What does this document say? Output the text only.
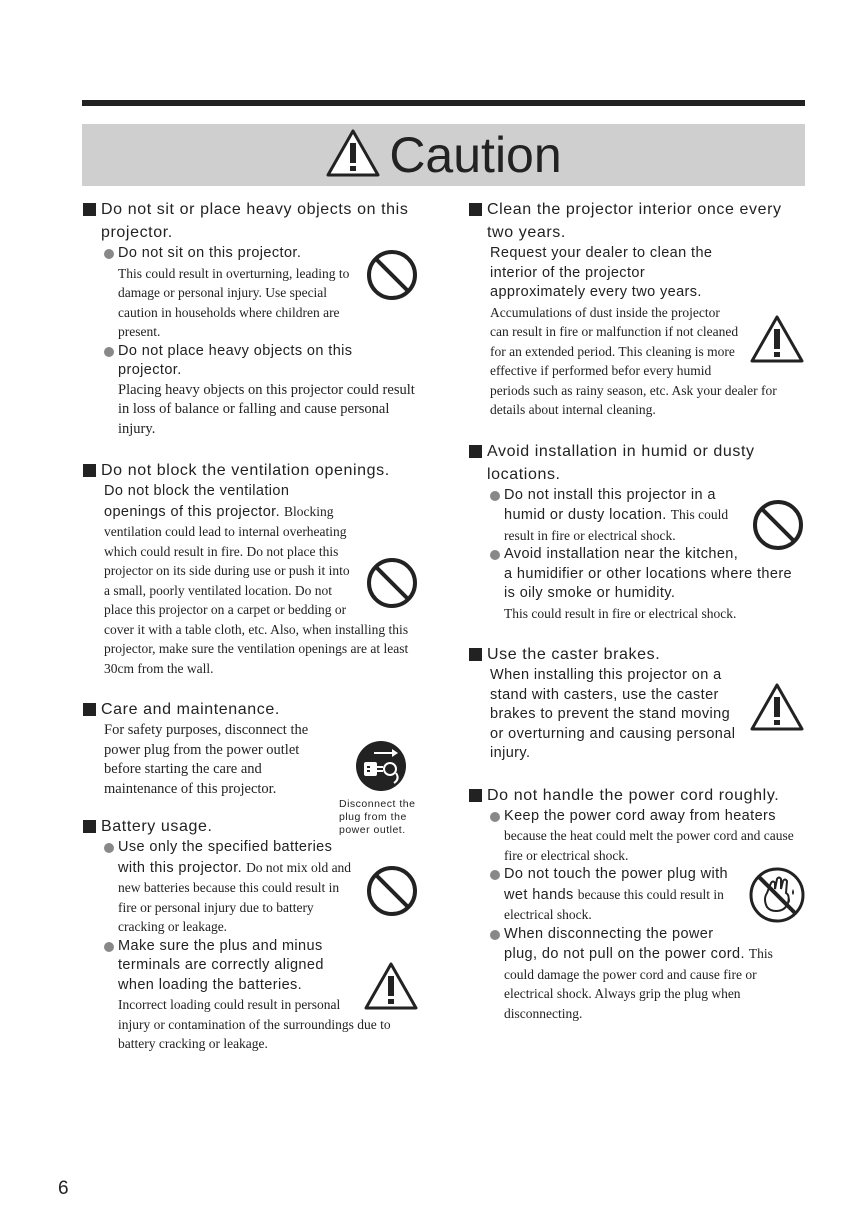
Caution
Do not sit or place heavy objects on this projector.
Do not sit on this projector.
This could result in overturning, leading to damage or personal injury. Use special caution in households where children are present.
Do not place heavy objects on this projector.
Placing heavy objects on this projector could result in loss of balance or falling and cause personal injury.
Do not block the ventilation openings.
Do not block the ventilation openings of this projector. Blocking ventilation could lead to internal overheating which could result in fire. Do not place this projector on its side during use or push it into a small, poorly ventilated location. Do not place this projector on a carpet or bedding or cover it with a table cloth, etc. Also, when installing this projector, make sure the ventilation openings are at least 30cm from the wall.
Care and maintenance.
Disconnect the plug from the power outlet.
For safety purposes, disconnect the power plug from the power outlet before starting the care and maintenance of this projector.
Battery usage.
Use only the specified batteries with this projector. Do not mix old and new batteries because this could result in fire or personal injury due to battery cracking or leakage.
Make sure the plus and minus terminals are correctly aligned when loading the batteries. Incorrect loading could result in personal injury or contamination of the surroundings due to battery cracking or leakage.
Clean the projector interior once every two years.
Request your dealer to clean the interior of the projector approximately every two years. Accumulations of dust inside the projector can result in fire or malfunction if not cleaned for an extended period. This cleaning is more effective if performed befor every humid periods such as rainy season, etc. Ask your dealer for details about internal cleaning.
Avoid installation in humid or dusty locations.
Do not install this projector in a humid or dusty location. This could result in fire or electrical shock.
Avoid installation near the kitchen, a humidifier or other locations where there is oily smoke or humidity.
This could result in fire or electrical shock.
Use the caster brakes.
When installing this projector on a stand with casters, use the caster brakes to prevent the stand moving or overturning and causing personal injury.
Do not handle the power cord roughly.
Keep the power cord away from heaters because the heat could melt the power cord and cause fire or electrical shock.
Do not touch the power plug with wet hands because this could result in electrical shock.
When disconnecting the power plug, do not pull on the power cord. This could damage the power cord and cause fire or electrical shock. Always grip the plug when disconnecting.
6
